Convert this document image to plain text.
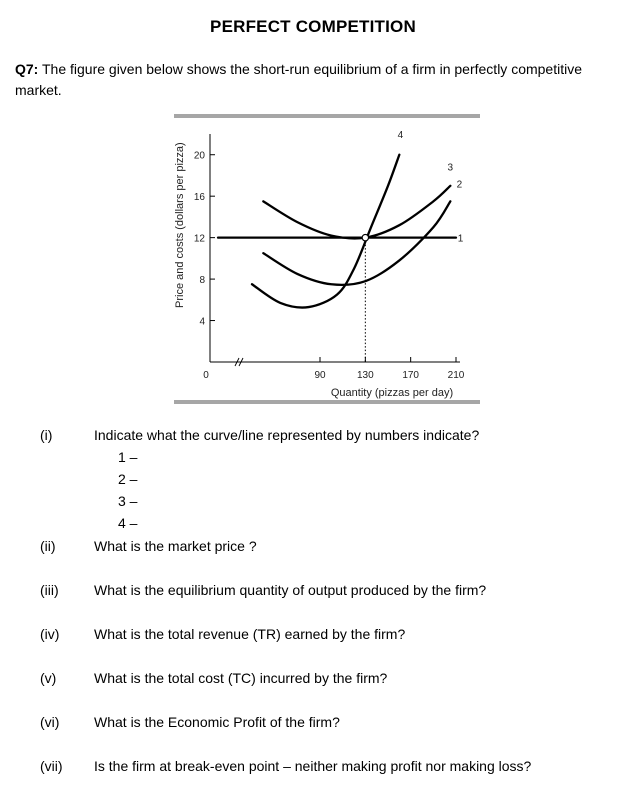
PERFECT COMPETITION
Q7: The figure given below shows the short-run equilibrium of a firm in perfectly competitive market.
Price and costs (dollars per pizza) 20
16
12
8
4
0	90	130	170	210
1
2
3
4
Quantity (pizzas per day)
(i)	Indicate what the curve/line represented by numbers indicate?
(ii)	What is the market price ?
(iii)	What is the equilibrium quantity of output produced by the firm?
(iv) What is the total revenue (TR) earned by the firm?
(v)	What is the total cost (TC) incurred by the firm?
(vi) What is the Economic Profit of the firm?
(vii) Is the firm at break-even point – neither making profit nor making loss?
1 –
2 –
3 –
4 –
